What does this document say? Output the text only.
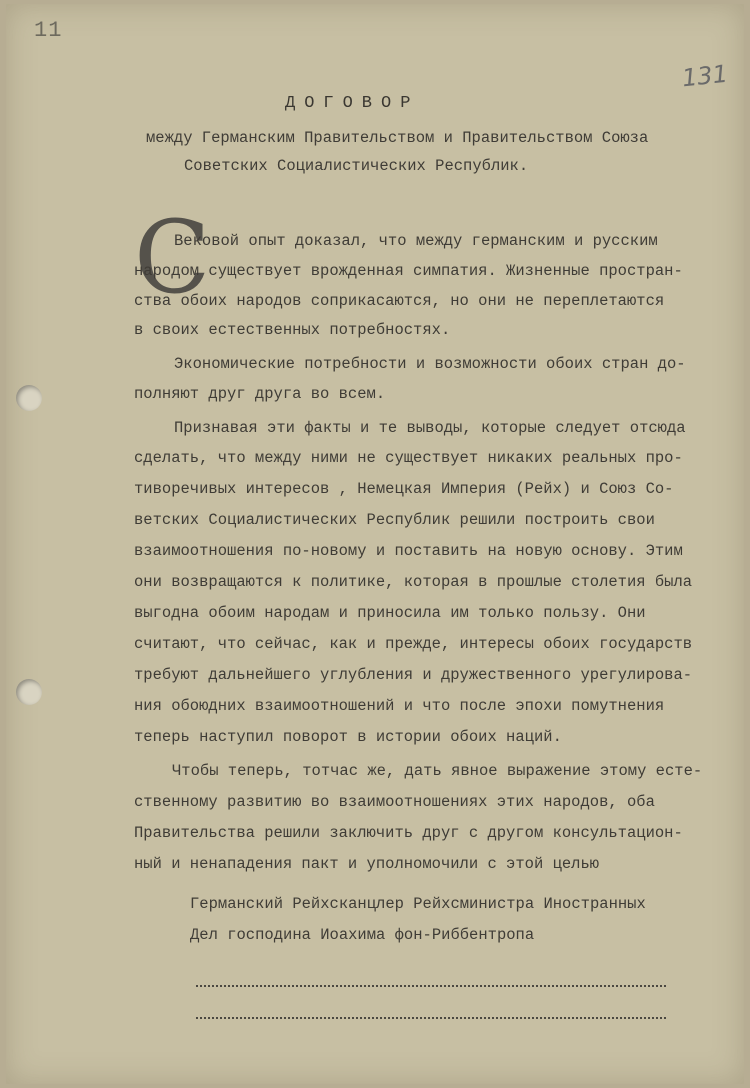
11
131
ДОГОВОР
между Германским Правительством и Правительством Союза
Советских Социалистических Республик.
C
Вековой опыт доказал, что между германским и русским
народом существует врожденная симпатия. Жизненные простран-
ства обоих народов соприкасаются, но они не переплетаются
в своих естественных потребностях.
Экономические потребности и возможности обоих стран до-
полняют друг друга во всем.
Признавая эти факты и те выводы, которые следует отсюда
сделать, что между ними не существует никаких реальных про-
тиворечивых интересов , Немецкая Империя (Рейх) и Союз Со-
ветских Социалистических Республик решили построить свои
взаимоотношения по-новому и поставить на новую основу. Этим
они возвращаются к политике, которая в прошлые столетия была
выгодна обоим народам и приносила им только пользу. Они
считают, что сейчас, как и прежде, интересы обоих государств
требуют дальнейшего углубления и дружественного урегулирова-
ния обоюдних взаимоотношений и что после эпохи помутнения
теперь наступил поворот в истории обоих наций.
Чтобы теперь, тотчас же, дать явное выражение этому есте-
ственному развитию во взаимоотношениях этих народов, оба
Правительства решили заключить друг с другом консультацион-
ный и ненападения пакт и уполномочили с этой целью
Германский Рейхсканцлер Рейхсминистра Иностранных
Дел господина Иоахима фон-Риббентропа
